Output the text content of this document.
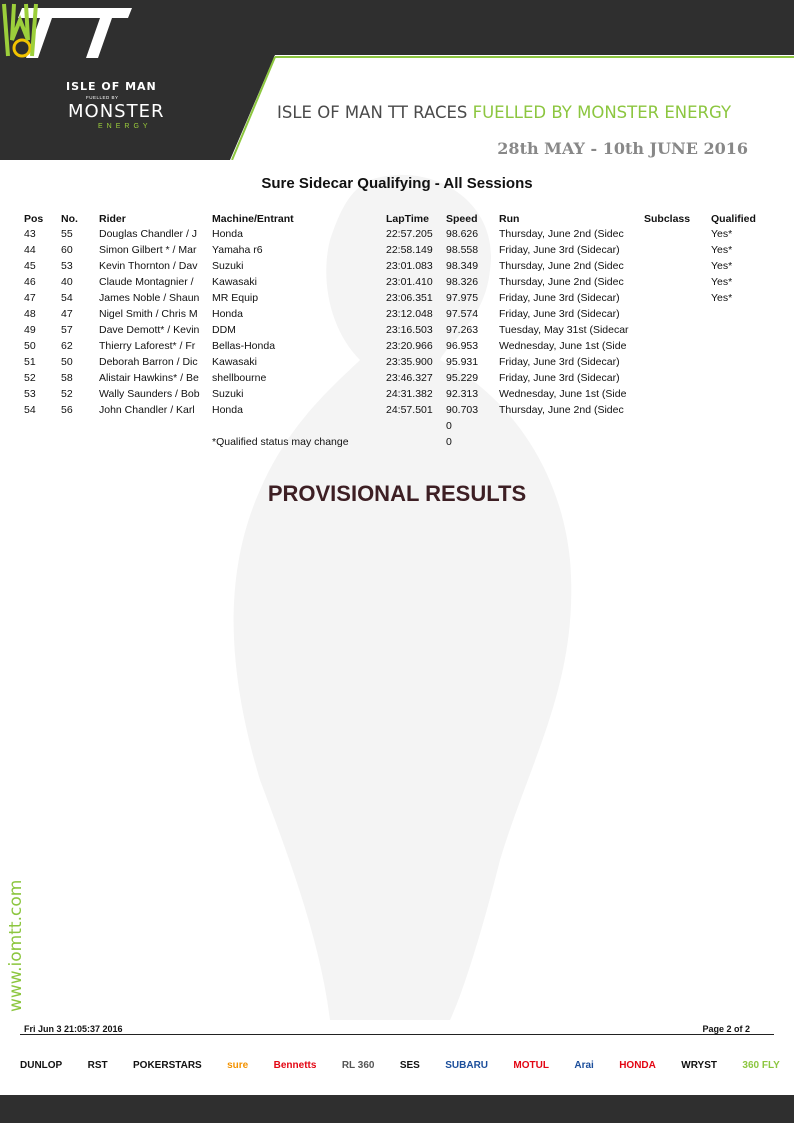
ISLE OF MAN
FUELLED BY
MONSTER
ENERGY
ISLE OF MAN TT RACES FUELLED BY MONSTER ENERGY
28th MAY - 10th JUNE 2016
Sure Sidecar Qualifying - All Sessions
Pos	No.	Rider	Machine/Entrant	LapTime	Speed	Run	Subclass	Qualified
43	55	Douglas Chandler / J	Honda	22:57.205	98.626	Thursday, June 2nd (Sidec		Yes*
44	60	Simon Gilbert * / Mar	Yamaha r6	22:58.149	98.558	Friday, June 3rd (Sidecar)		Yes*
45	53	Kevin Thornton / Dav	Suzuki	23:01.083	98.349	Thursday, June 2nd (Sidec		Yes*
46	40	Claude Montagnier /	Kawasaki	23:01.410	98.326	Thursday, June 2nd (Sidec		Yes*
47	54	James Noble / Shaun	MR Equip	23:06.351	97.975	Friday, June 3rd (Sidecar)		Yes*
48	47	Nigel Smith / Chris M	Honda	23:12.048	97.574	Friday, June 3rd (Sidecar)		
49	57	Dave Demott* / Kevin	DDM	23:16.503	97.263	Tuesday, May 31st (Sidecar		
50	62	Thierry Laforest* / Fr	Bellas-Honda	23:20.966	96.953	Wednesday, June 1st (Side		
51	50	Deborah Barron / Dic	Kawasaki	23:35.900	95.931	Friday, June 3rd (Sidecar)		
52	58	Alistair Hawkins* / Be	shellbourne	23:46.327	95.229	Friday, June 3rd (Sidecar)		
53	52	Wally Saunders / Bob	Suzuki	24:31.382	92.313	Wednesday, June 1st (Side		
54	56	John Chandler / Karl	Honda	24:57.501	90.703	Thursday, June 2nd (Sidec		
					0			
			*Qualified status may change		0			
PROVISIONAL RESULTS
www.iomtt.com
Fri Jun 3 21:05:37 2016	Page 2 of 2
DUNLOP	RST	POKERSTARS	sure	Bennetts	RL 360	SES	SUBARU	MOTUL	Arai	HONDA	WRYST	360 FLY
